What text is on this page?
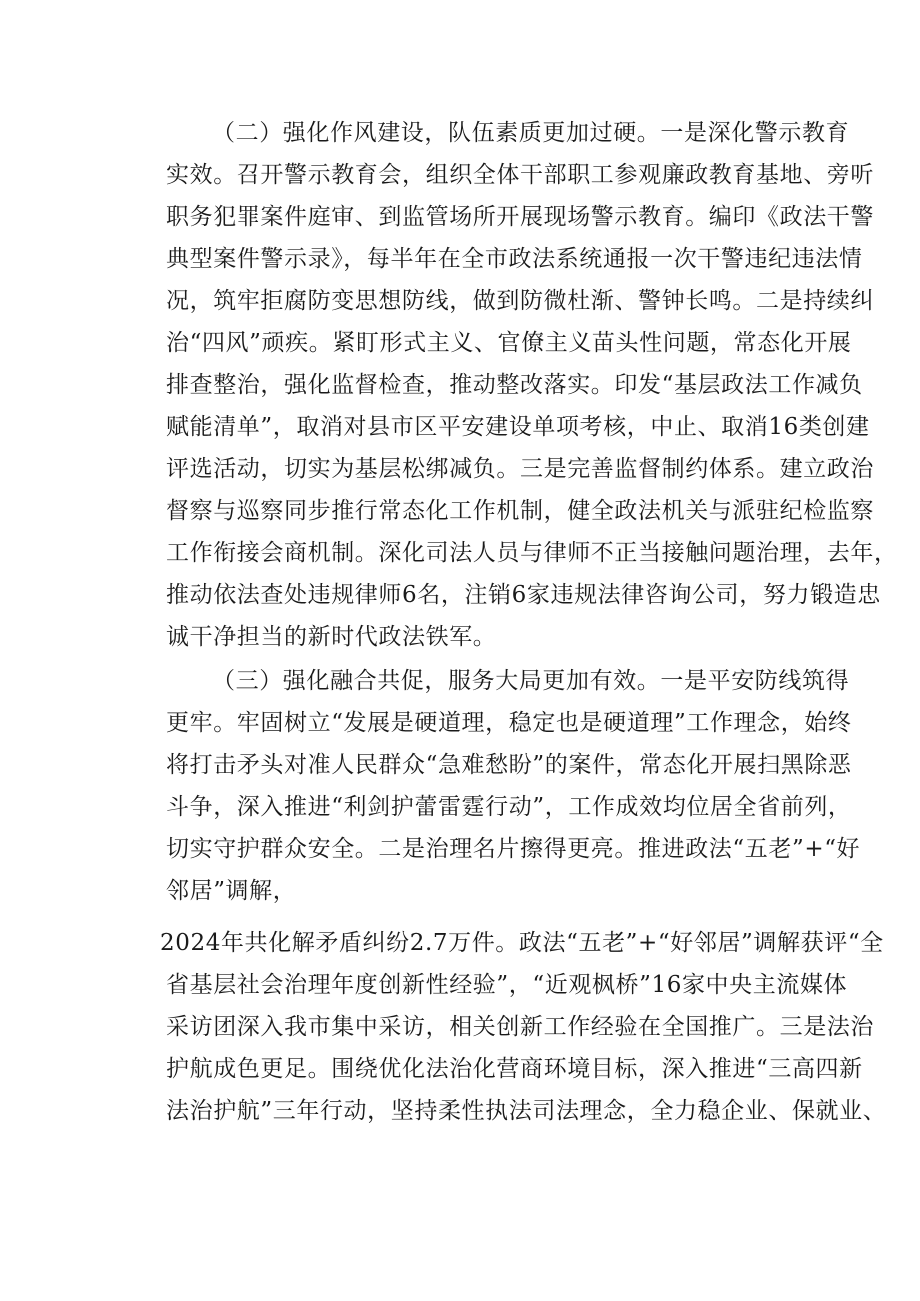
（二）强化作风建设，队伍素质更加过硬。一是深化警示教育
实效。召开警示教育会，组织全体干部职工参观廉政教育基地、旁听
职务犯罪案件庭审、到监管场所开展现场警示教育。编印《政法干警
典型案件警示录》，每半年在全市政法系统通报一次干警违纪违法情
况，筑牢拒腐防变思想防线，做到防微杜渐、警钟长鸣。二是持续纠
治“四风”顽疾。紧盯形式主义、官僚主义苗头性问题，常态化开展
排查整治，强化监督检查，推动整改落实。印发“基层政法工作减负
赋能清单”，取消对县市区平安建设单项考核，中止、取消16类创建
评选活动，切实为基层松绑减负。三是完善监督制约体系。建立政治
督察与巡察同步推行常态化工作机制，健全政法机关与派驻纪检监察
工作衔接会商机制。深化司法人员与律师不正当接触问题治理，去年，
推动依法查处违规律师6名，注销6家违规法律咨询公司，努力锻造忠
诚干净担当的新时代政法铁军。
（三）强化融合共促，服务大局更加有效。一是平安防线筑得
更牢。牢固树立“发展是硬道理，稳定也是硬道理”工作理念，始终
将打击矛头对准人民群众“急难愁盼”的案件，常态化开展扫黑除恶
斗争，深入推进“利剑护蕾雷霆行动”，工作成效均位居全省前列，
切实守护群众安全。二是治理名片擦得更亮。推进政法“五老”+“好
邻居”调解，
2024年共化解矛盾纠纷2.7万件。政法“五老”+“好邻居”调解获评“全
省基层社会治理年度创新性经验”，“近观枫桥”16家中央主流媒体
采访团深入我市集中采访，相关创新工作经验在全国推广。三是法治
护航成色更足。围绕优化法治化营商环境目标，深入推进“三高四新
法治护航”三年行动，坚持柔性执法司法理念，全力稳企业、保就业、
